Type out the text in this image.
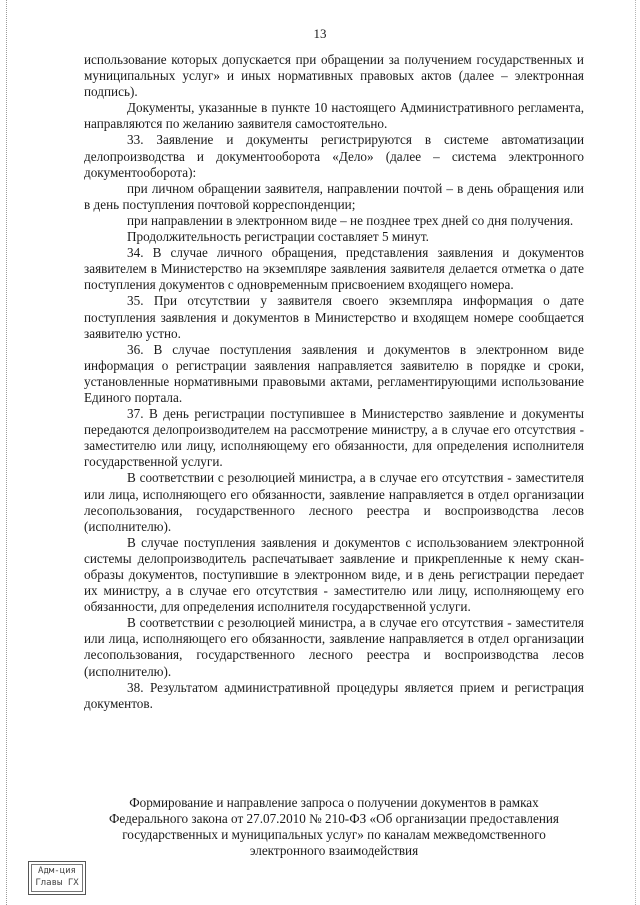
13

использование которых допускается при обращении за получением государственных и муниципальных услуг» и иных нормативных правовых актов (далее – электронная подпись).

Документы, указанные в пункте 10 настоящего Административного регламента, направляются по желанию заявителя самостоятельно.

33. Заявление и документы регистрируются в системе автоматизации делопроизводства и документооборота «Дело» (далее – система электронного документооборота):

при личном обращении заявителя, направлении почтой – в день обращения или в день поступления почтовой корреспонденции;

при направлении в электронном виде – не позднее трех дней со дня получения.

Продолжительность регистрации составляет 5 минут.

34. В случае личного обращения, представления заявления и документов заявителем в Министерство на экземпляре заявления заявителя делается отметка о дате поступления документов с одновременным присвоением входящего номера.

35. При отсутствии у заявителя своего экземпляра информация о дате поступления заявления и документов в Министерство и входящем номере сообщается заявителю устно.

36. В случае поступления заявления и документов в электронном виде информация о регистрации заявления направляется заявителю в порядке и сроки, установленные нормативными правовыми актами, регламентирующими использование Единого портала.

37. В день регистрации поступившее в Министерство заявление и документы передаются делопроизводителем на рассмотрение министру, а в случае его отсутствия - заместителю или лицу, исполняющему его обязанности, для определения исполнителя государственной услуги.

В соответствии с резолюцией министра, а в случае его отсутствия - заместителя или лица, исполняющего его обязанности, заявление направляется в отдел организации лесопользования, государственного лесного реестра и воспроизводства лесов (исполнителю).

В случае поступления заявления и документов с использованием электронной системы делопроизводитель распечатывает заявление и прикрепленные к нему скан-образы документов, поступившие в электронном виде, и в день регистрации передает их министру, а в случае его отсутствия - заместителю или лицу, исполняющему его обязанности, для определения исполнителя государственной услуги.

В соответствии с резолюцией министра, а в случае его отсутствия - заместителя или лица, исполняющего его обязанности, заявление направляется в отдел организации лесопользования, государственного лесного реестра и воспроизводства лесов (исполнителю).

38. Результатом административной процедуры является прием и регистрация документов.

Формирование и направление запроса о получении документов в рамках
Федерального закона от 27.07.2010 № 210-ФЗ «Об организации предоставления
государственных и муниципальных услуг» по каналам межведомственного
электронного взаимодействия
Адм-ция
Главы ГХ
